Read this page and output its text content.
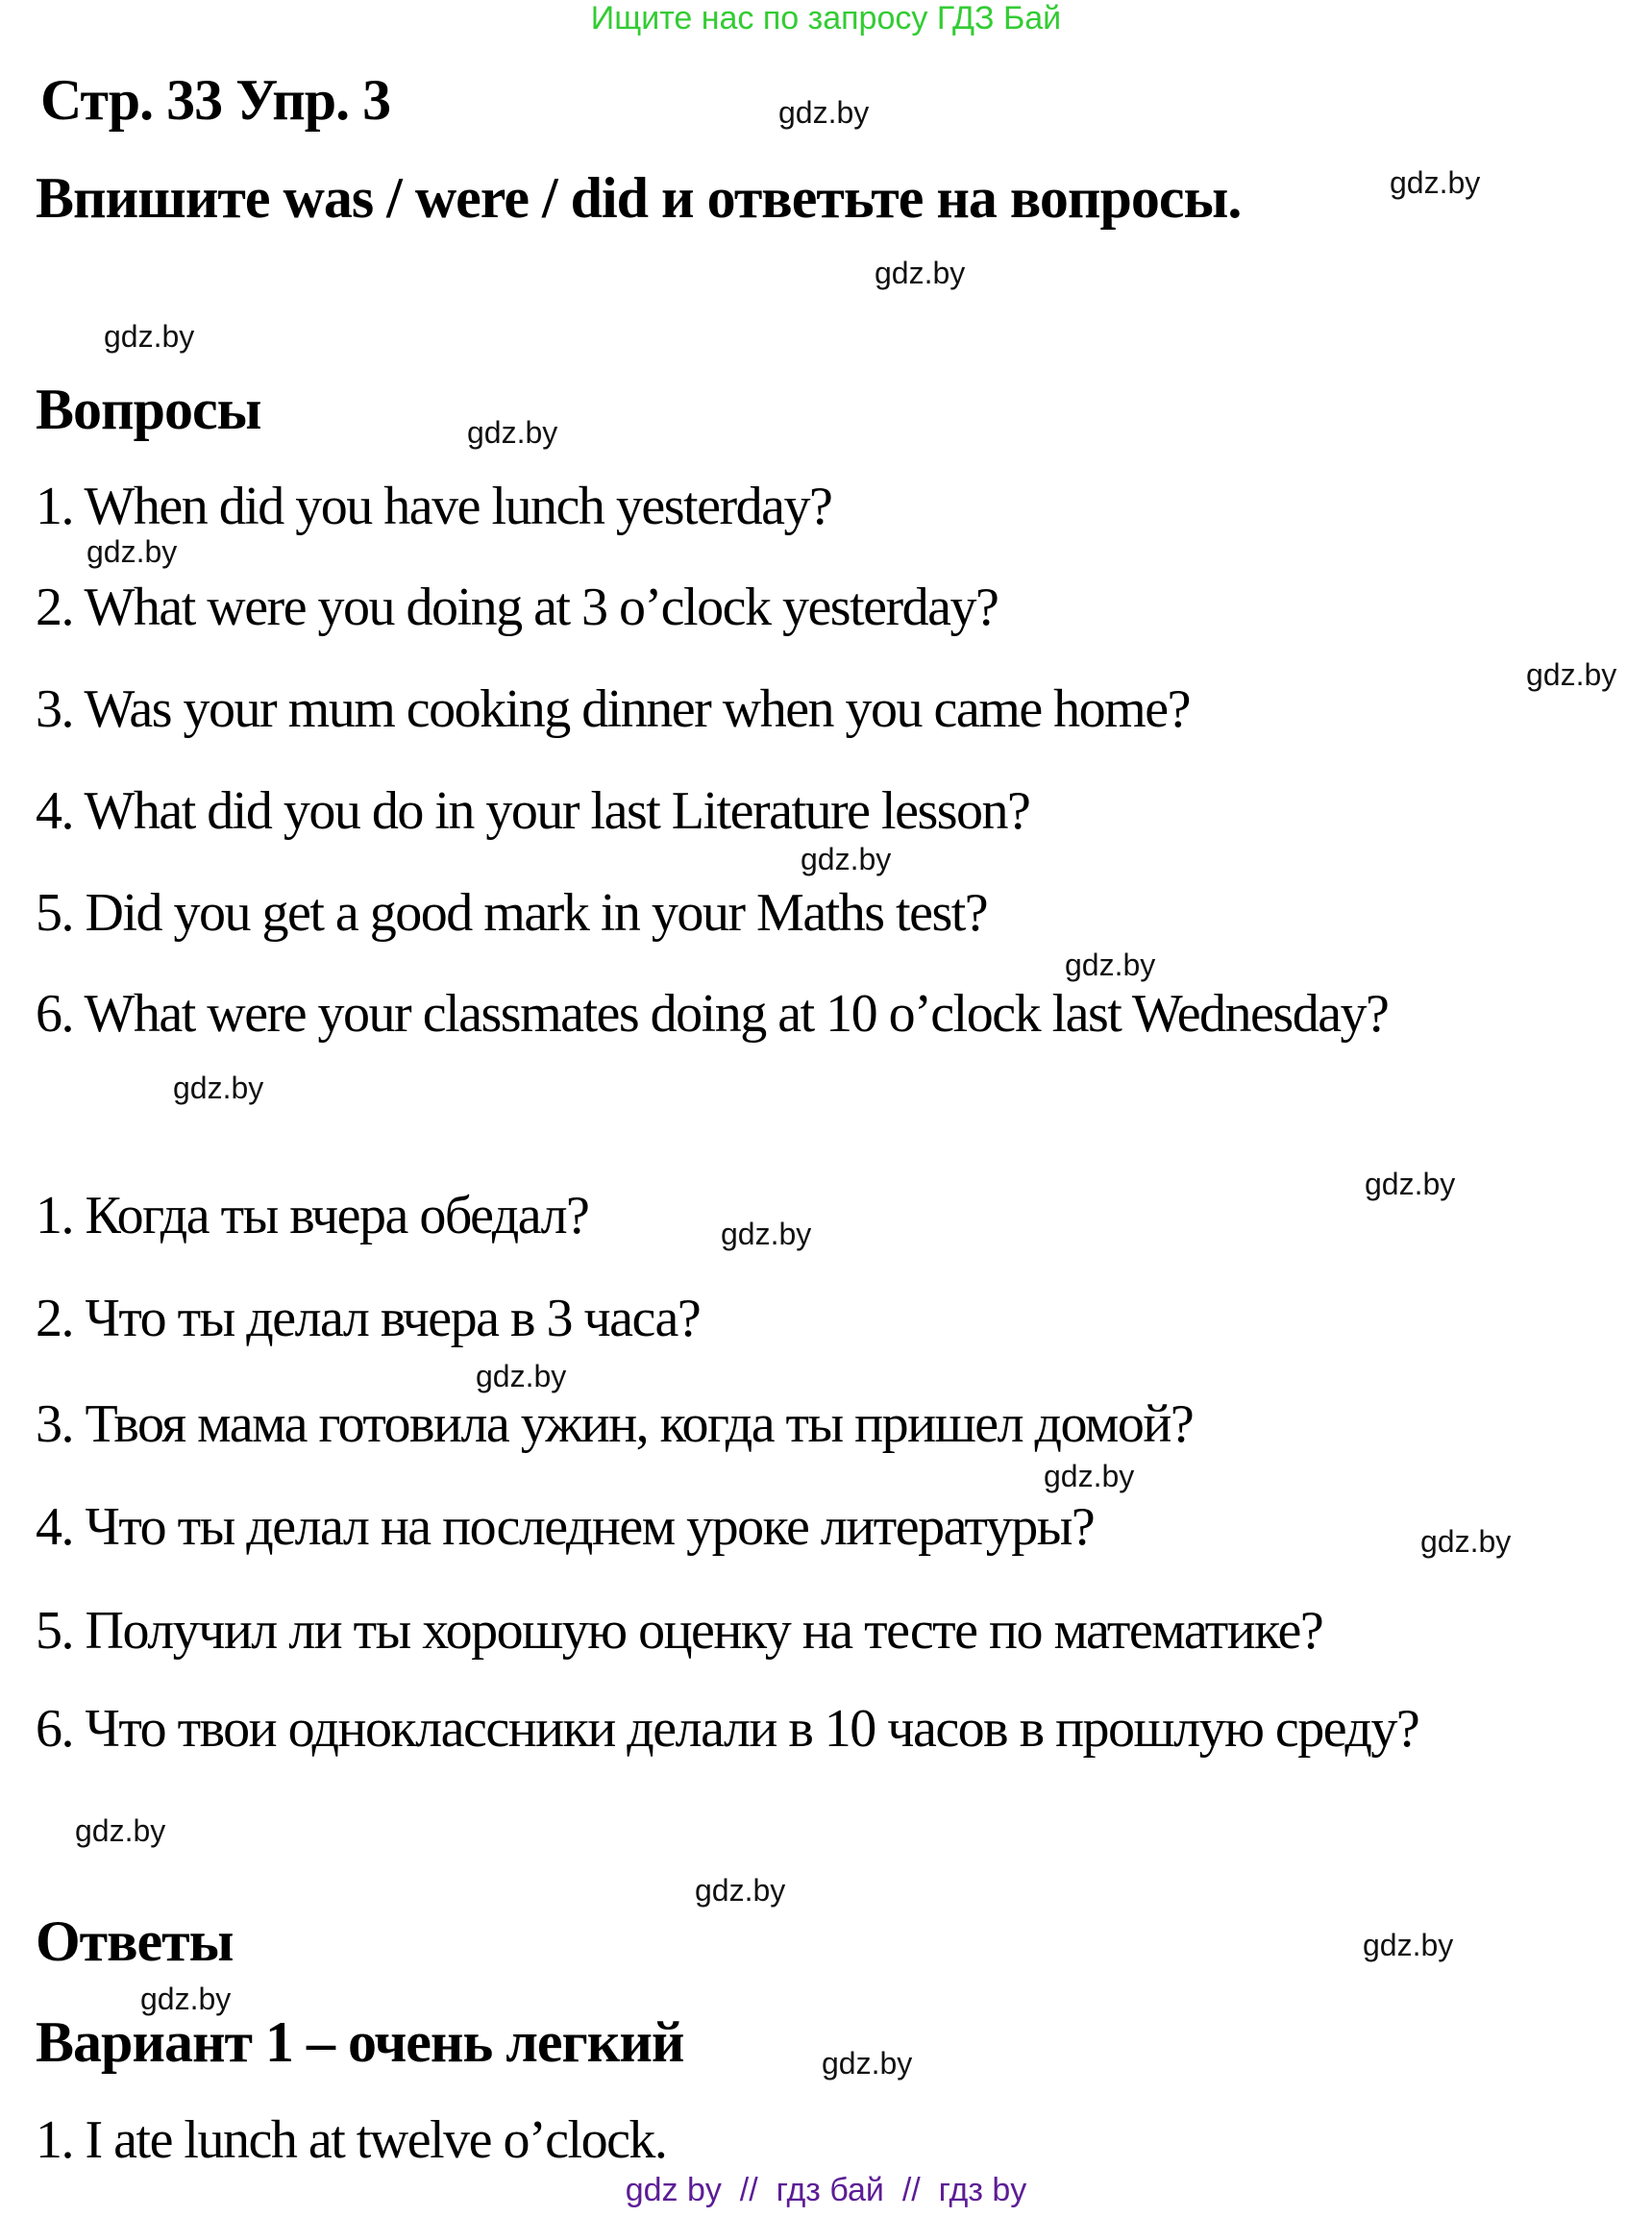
Ищите нас по запросу ГДЗ Бай
Стр. 33 Упр. 3
Впишите was / were / did и ответьте на вопросы.
Вопросы
1. When did you have lunch yesterday?
2. What were you doing at 3 o’clock yesterday?
3. Was your mum cooking dinner when you came home?
4. What did you do in your last Literature lesson?
5. Did you get a good mark in your Maths test?
6. What were your classmates doing at 10 o’clock last Wednesday?
1. Когда ты вчера обедал?
2. Что ты делал вчера в 3 часа?
3. Твоя мама готовила ужин, когда ты пришел домой?
4. Что ты делал на последнем уроке литературы?
5. Получил ли ты хорошую оценку на тесте по математике?
6. Что твои одноклассники делали в 10 часов в прошлую среду?
Ответы
Вариант 1 – очень легкий
1. I ate lunch at twelve o’clock.
gdz.by
gdz.by
gdz.by
gdz.by
gdz.by
gdz.by
gdz.by
gdz.by
gdz.by
gdz.by
gdz.by
gdz.by
gdz.by
gdz.by
gdz.by
gdz.by
gdz.by
gdz.by
gdz.by
gdz.by
gdz by  //  гдз бай  //  гдз by
